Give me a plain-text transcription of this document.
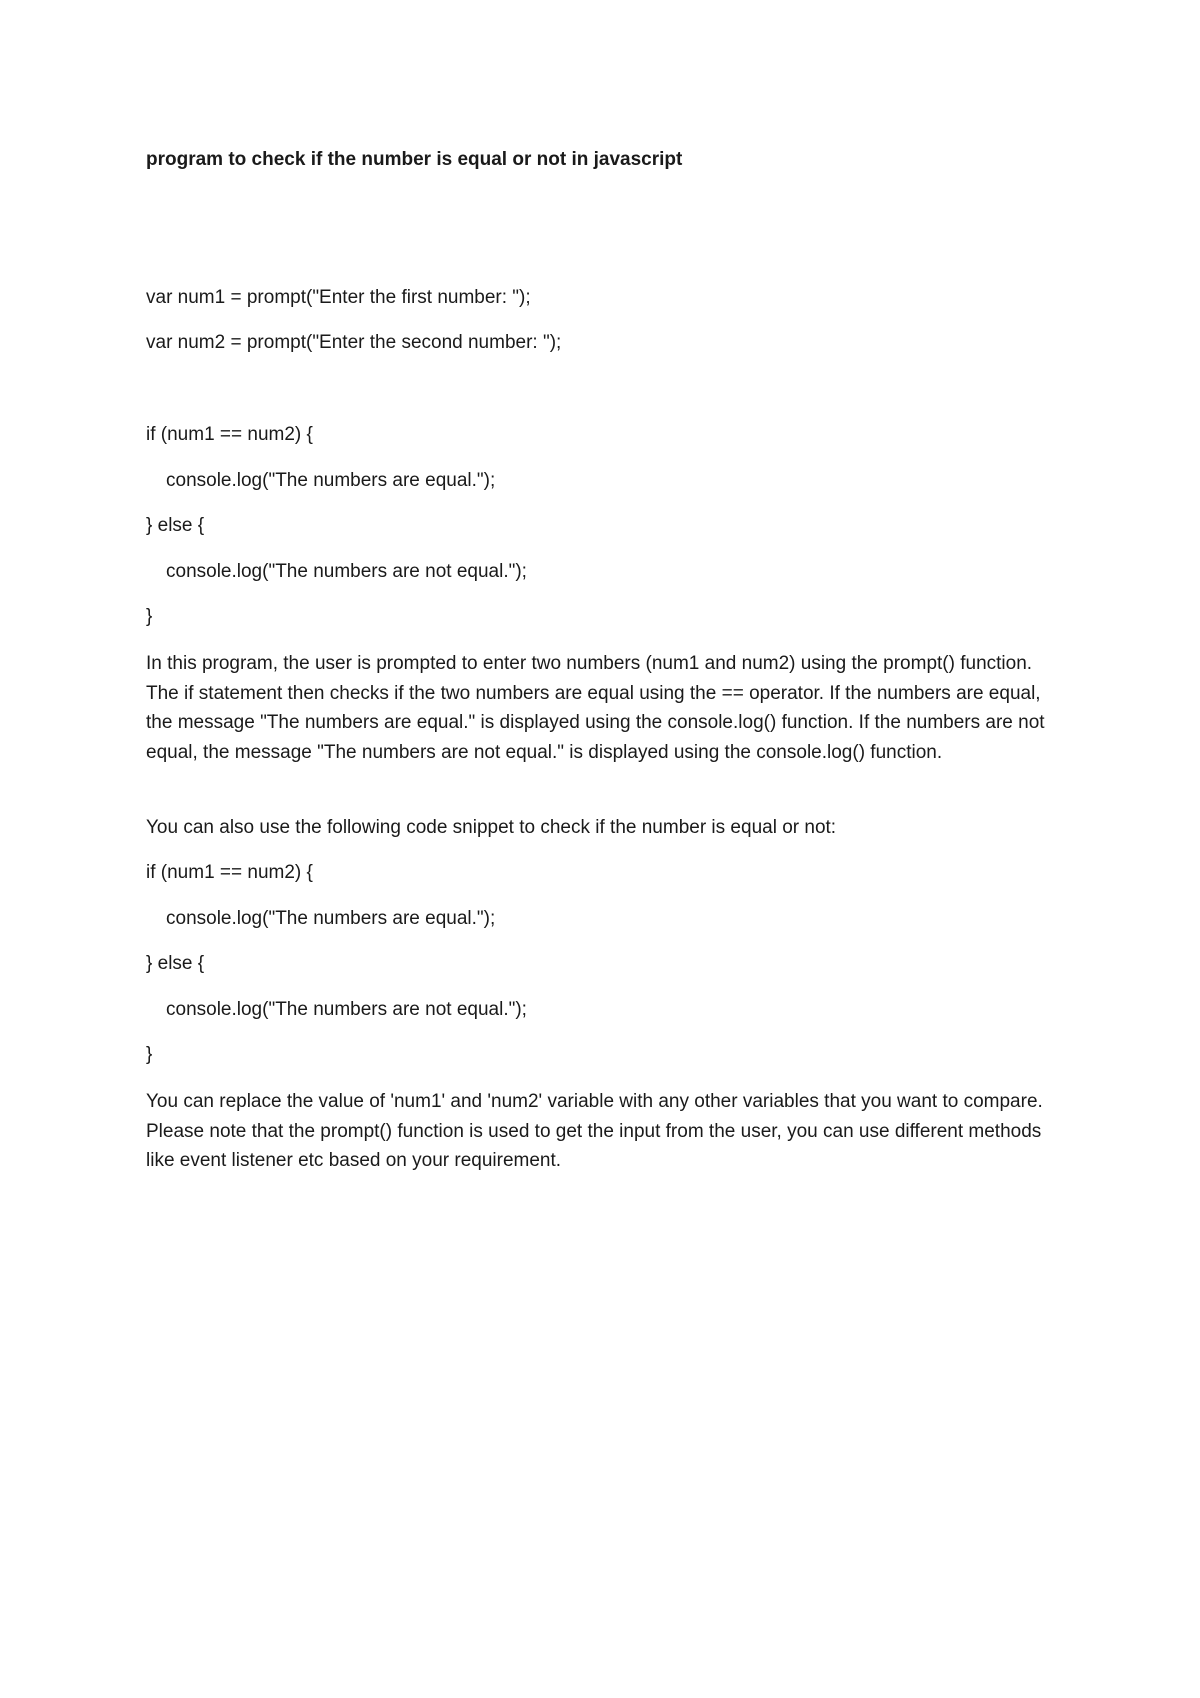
program to check if the number is equal or not in javascript
var num1 = prompt("Enter the first number: ");
var num2 = prompt("Enter the second number: ");
if (num1 == num2) {
console.log("The numbers are equal.");
} else {
console.log("The numbers are not equal.");
}
In this program, the user is prompted to enter two numbers (num1 and num2) using the prompt() function. The if statement then checks if the two numbers are equal using the == operator. If the numbers are equal, the message "The numbers are equal." is displayed using the console.log() function. If the numbers are not equal, the message "The numbers are not equal." is displayed using the console.log() function.
You can also use the following code snippet to check if the number is equal or not:
if (num1 == num2) {
console.log("The numbers are equal.");
} else {
console.log("The numbers are not equal.");
}
You can replace the value of 'num1' and 'num2' variable with any other variables that you want to compare. Please note that the prompt() function is used to get the input from the user, you can use different methods like event listener etc based on your requirement.
